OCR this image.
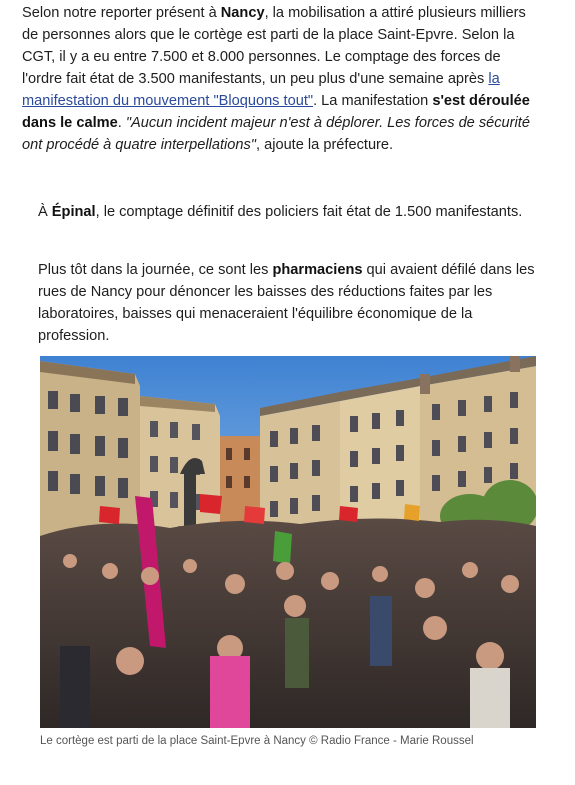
Selon notre reporter présent à Nancy, la mobilisation a attiré plusieurs milliers de personnes alors que le cortège est parti de la place Saint-Epvre. Selon la CGT, il y a eu entre 7.500 et 8.000 personnes. Le comptage des forces de l'ordre fait état de 3.500 manifestants, un peu plus d'une semaine après la manifestation du mouvement "Bloquons tout". La manifestation s'est déroulée dans le calme. "Aucun incident majeur n'est à déplorer. Les forces de sécurité ont procédé à quatre interpellations", ajoute la préfecture.

À Épinal, le comptage définitif des policiers fait état de 1.500 manifestants.

Plus tôt dans la journée, ce sont les pharmaciens qui avaient défilé dans les rues de Nancy pour dénoncer les baisses des réductions faites par les laboratoires, baisses qui menaceraient l'équilibre économique de la profession.

Le cortège est parti de la place Saint-Epvre à Nancy © Radio France - Marie Roussel
